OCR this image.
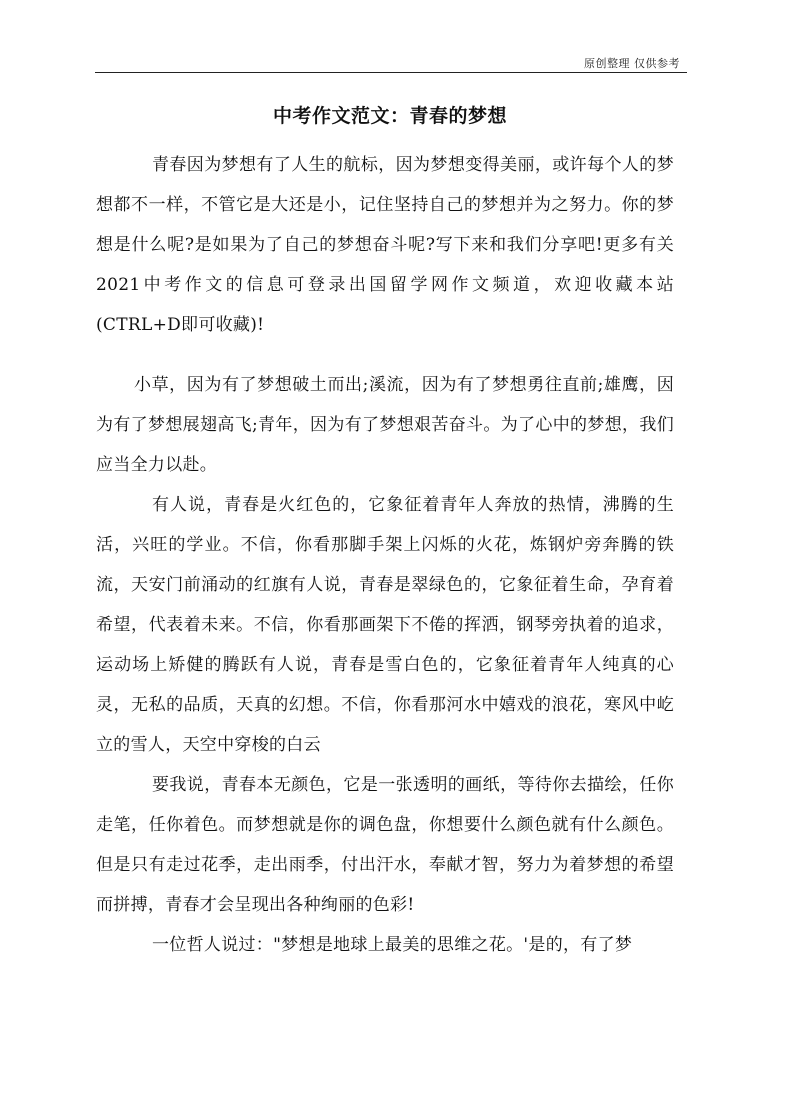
原创整理 仅供参考
中考作文范文：青春的梦想

青春因为梦想有了人生的航标，因为梦想变得美丽，或许每个人的梦想都不一样，不管它是大还是小，记住坚持自己的梦想并为之努力。你的梦想是什么呢?是如果为了自己的梦想奋斗呢?写下来和我们分享吧!更多有关2021中考作文的信息可登录出国留学网作文频道，欢迎收藏本站(CTRL+D即可收藏)!

小草，因为有了梦想破土而出;溪流，因为有了梦想勇往直前;雄鹰，因为有了梦想展翅高飞;青年，因为有了梦想艰苦奋斗。为了心中的梦想，我们应当全力以赴。

有人说，青春是火红色的，它象征着青年人奔放的热情，沸腾的生活，兴旺的学业。不信，你看那脚手架上闪烁的火花，炼钢炉旁奔腾的铁流，天安门前涌动的红旗有人说，青春是翠绿色的，它象征着生命，孕育着希望，代表着未来。不信，你看那画架下不倦的挥洒，钢琴旁执着的追求，运动场上矫健的腾跃有人说，青春是雪白色的，它象征着青年人纯真的心灵，无私的品质，天真的幻想。不信，你看那河水中嬉戏的浪花，寒风中屹立的雪人，天空中穿梭的白云

要我说，青春本无颜色，它是一张透明的画纸，等待你去描绘，任你走笔，任你着色。而梦想就是你的调色盘，你想要什么颜色就有什么颜色。但是只有走过花季，走出雨季，付出汗水，奉献才智，努力为着梦想的希望而拼搏，青春才会呈现出各种绚丽的色彩!

一位哲人说过："梦想是地球上最美的思维之花。'是的，有了梦
